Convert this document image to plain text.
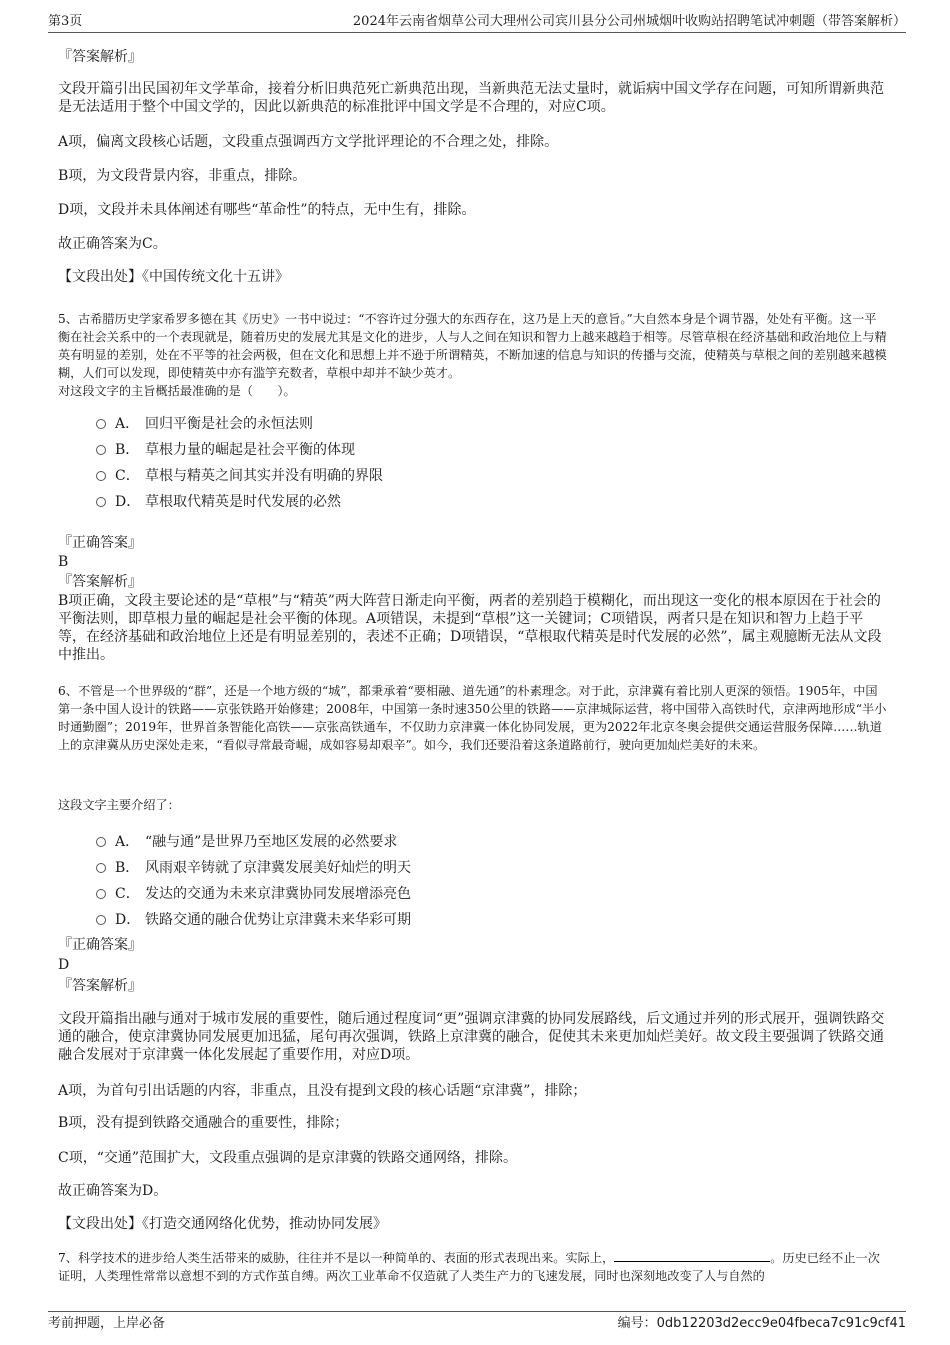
第3页	2024年云南省烟草公司大理州公司宾川县分公司州城烟叶收购站招聘笔试冲刺题（带答案解析）

『答案解析』

文段开篇引出民国初年文学革命，接着分析旧典范死亡新典范出现，当新典范无法丈量时，就诟病中国文学存在问题，可知所谓新典范是无法适用于整个中国文学的，因此以新典范的标准批评中国文学是不合理的，对应C项。

A项，偏离文段核心话题，文段重点强调西方文学批评理论的不合理之处，排除。

B项，为文段背景内容，非重点，排除。

D项，文段并未具体阐述有哪些“革命性”的特点，无中生有，排除。

故正确答案为C。

【文段出处】《中国传统文化十五讲》

5、古希腊历史学家希罗多德在其《历史》一书中说过：“不容许过分强大的东西存在，这乃是上天的意旨。”大自然本身是个调节器，处处有平衡。这一平衡在社会关系中的一个表现就是，随着历史的发展尤其是文化的进步，人与人之间在知识和智力上越来越趋于相等。尽管草根在经济基础和政治地位上与精英有明显的差别，处在不平等的社会两极，但在文化和思想上并不逊于所谓精英，不断加速的信息与知识的传播与交流，使精英与草根之间的差别越来越模糊，人们可以发现，即使精英中亦有滥竽充数者，草根中却并不缺少英才。

对这段文字的主旨概括最准确的是（　　）。

A． 回归平衡是社会的永恒法则
B． 草根力量的崛起是社会平衡的体现
C． 草根与精英之间其实并没有明确的界限
D． 草根取代精英是时代发展的必然

『正确答案』

B

『答案解析』

B项正确，文段主要论述的是“草根”与“精英”两大阵营日渐走向平衡，两者的差别趋于模糊化，而出现这一变化的根本原因在于社会的平衡法则，即草根力量的崛起是社会平衡的体现。A项错误，未提到“草根”这一关键词；C项错误，两者只是在知识和智力上趋于平等，在经济基础和政治地位上还是有明显差别的，表述不正确；D项错误，“草根取代精英是时代发展的必然”，属主观臆断无法从文段中推出。

6、不管是一个世界级的“群”，还是一个地方级的“城”，都秉承着“要相融、道先通”的朴素理念。对于此，京津冀有着比别人更深的领悟。1905年，中国第一条中国人设计的铁路——京张铁路开始修建；2008年，中国第一条时速350公里的铁路——京津城际运营，将中国带入高铁时代，京津两地形成“半小时通勤圈”；2019年，世界首条智能化高铁——京张高铁通车，不仅助力京津冀一体化协同发展，更为2022年北京冬奥会提供交通运营服务保障……轨道上的京津冀从历史深处走来，“看似寻常最奇崛，成如容易却艰辛”。如今，我们还要沿着这条道路前行，驶向更加灿烂美好的未来。

这段文字主要介绍了：

A． “融与通”是世界乃至地区发展的必然要求
B． 风雨艰辛铸就了京津冀发展美好灿烂的明天
C． 发达的交通为未来京津冀协同发展增添亮色
D． 铁路交通的融合优势让京津冀未来华彩可期

『正确答案』

D

『答案解析』

文段开篇指出融与通对于城市发展的重要性，随后通过程度词“更”强调京津冀的协同发展路线，后文通过并列的形式展开，强调铁路交通的融合，使京津冀协同发展更加迅猛，尾句再次强调，铁路上京津冀的融合，促使其未来更加灿烂美好。故文段主要强调了铁路交通融合发展对于京津冀一体化发展起了重要作用，对应D项。

A项，为首句引出话题的内容，非重点，且没有提到文段的核心话题“京津冀”，排除；

B项，没有提到铁路交通融合的重要性，排除；

C项，“交通”范围扩大，文段重点强调的是京津冀的铁路交通网络，排除。

故正确答案为D。

【文段出处】《打造交通网络化优势，推动协同发展》

7、科学技术的进步给人类生活带来的威胁，往往并不是以一种简单的、表面的形式表现出来。实际上，	。历史已经不止一次证明，人类理性常常以意想不到的方式作茧自缚。两次工业革命不仅造就了人类生产力的飞速发展，同时也深刻地改变了人与自然的

考前押题，上岸必备	编号：0db12203d2ecc9e04fbeca7c91c9cf41
